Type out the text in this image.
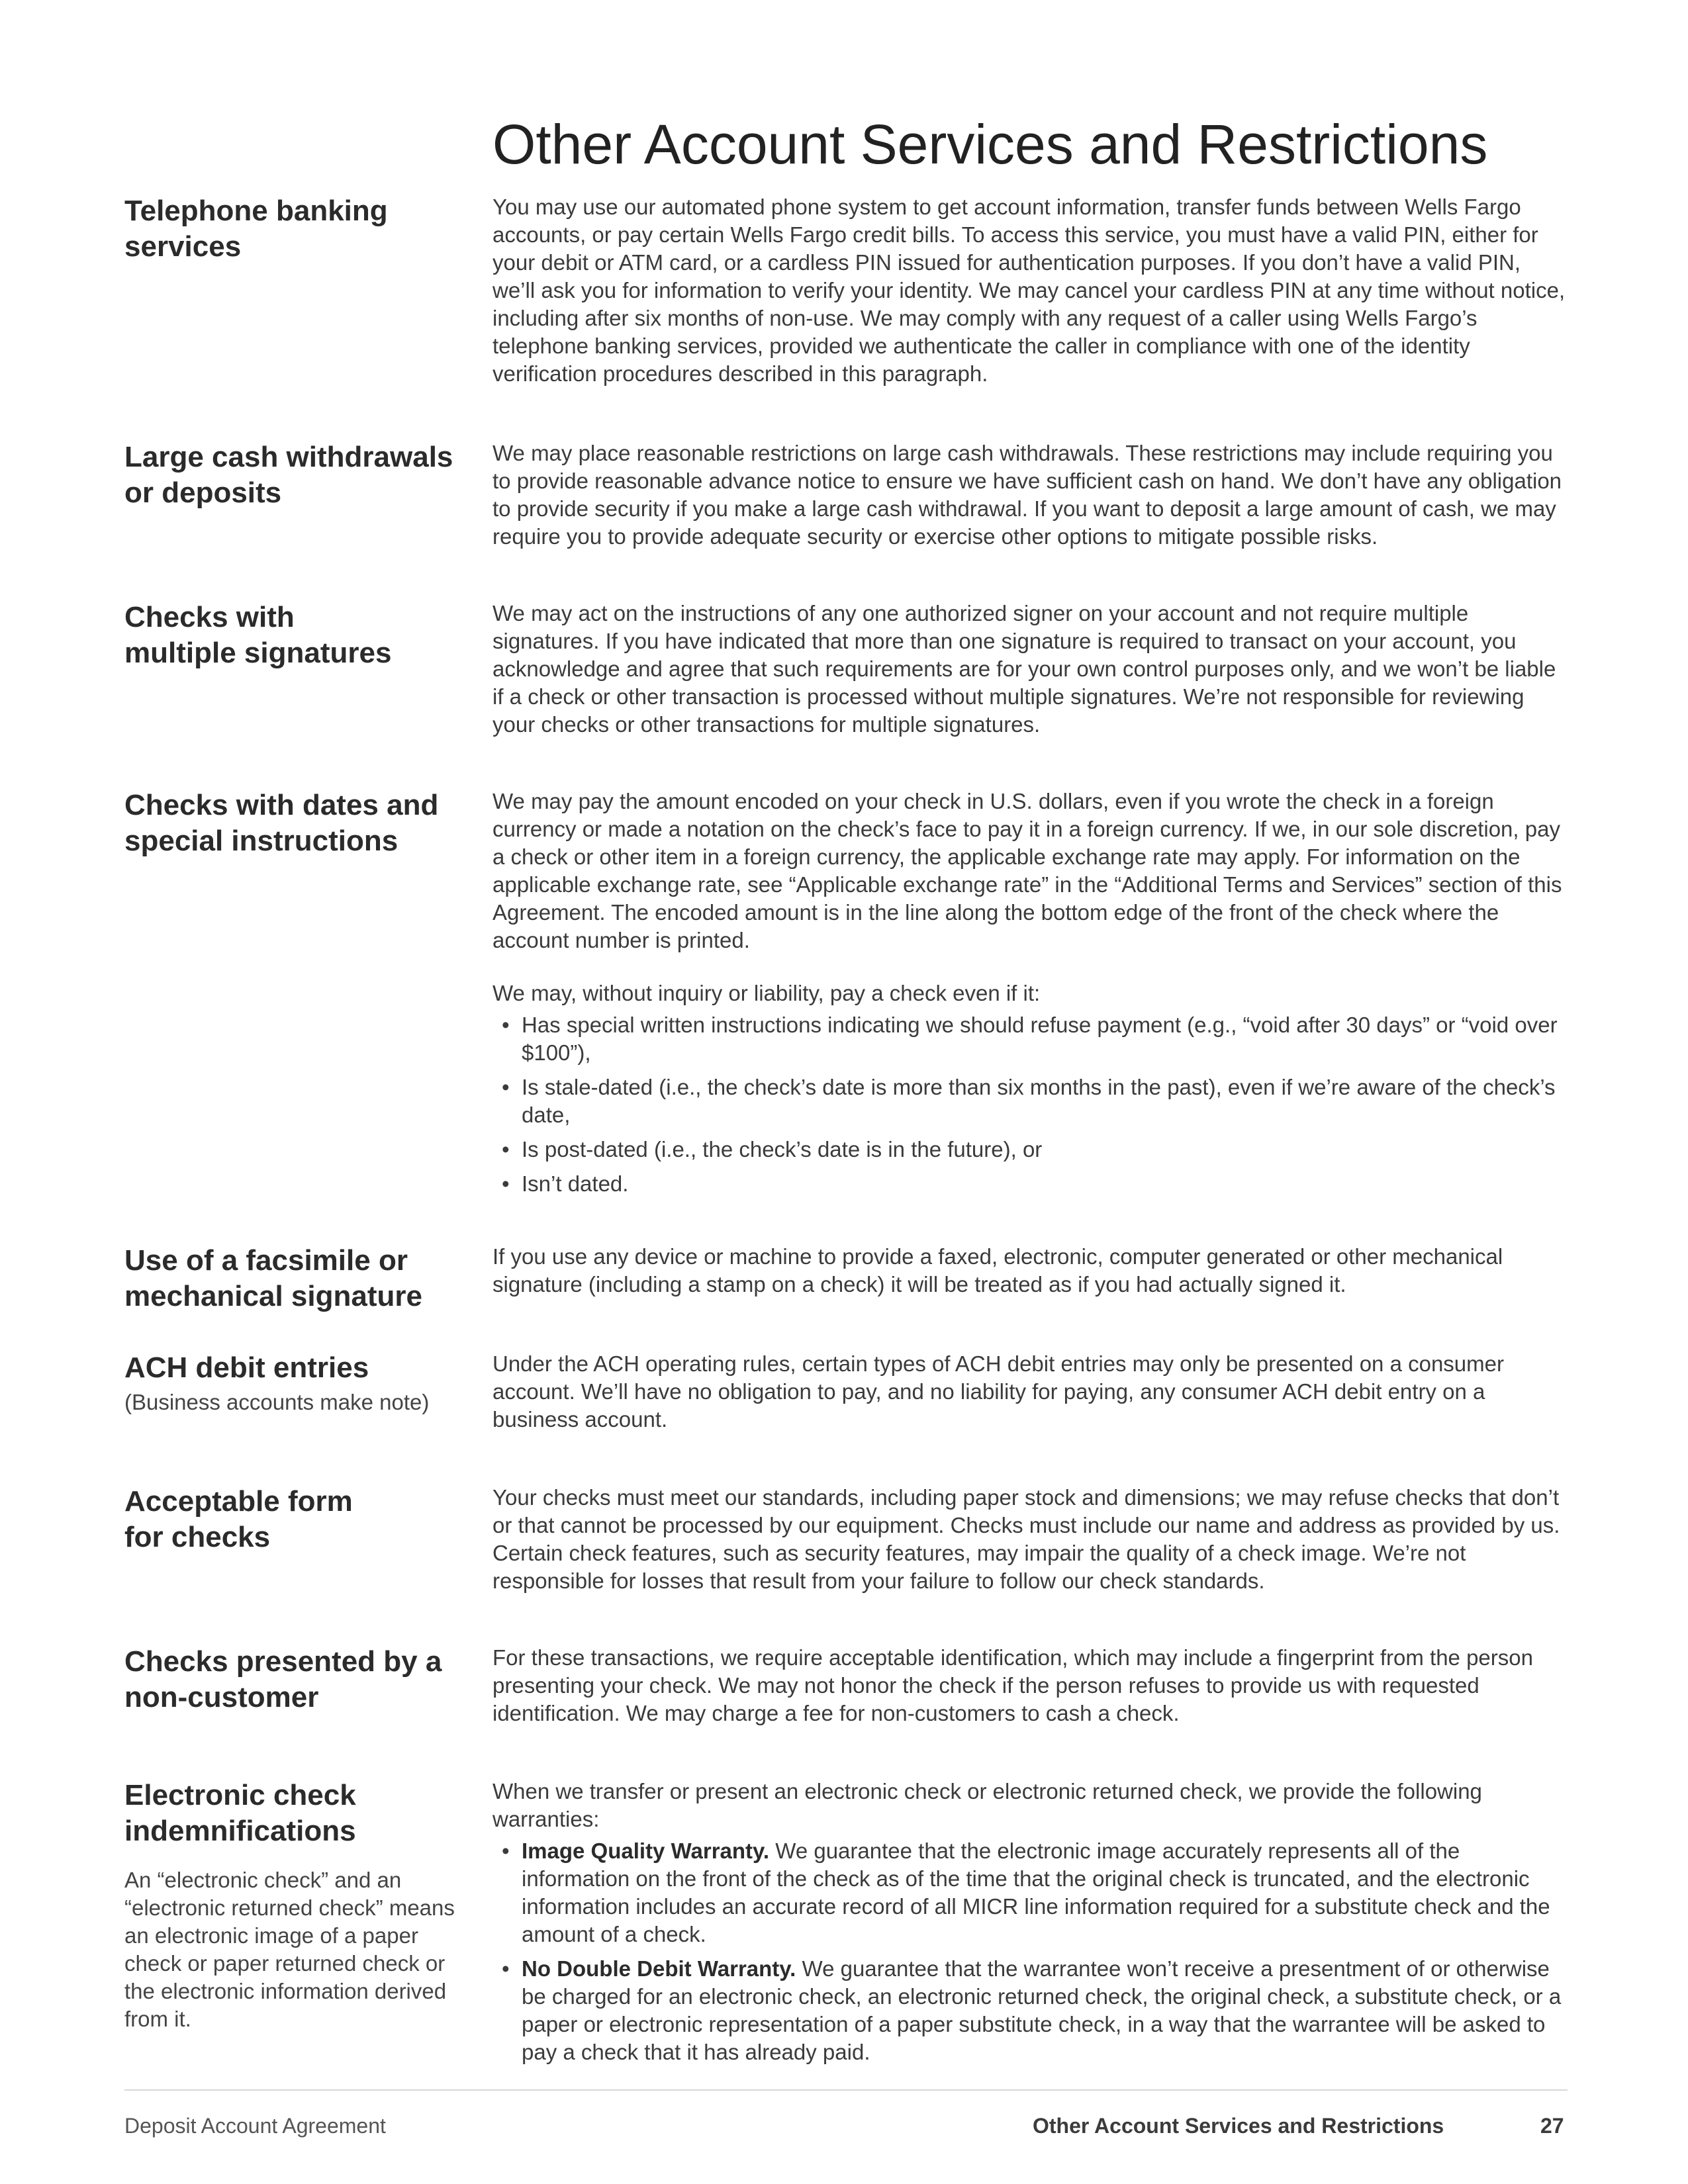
Other Account Services and Restrictions
Telephone banking
services

You may use our automated phone system to get account information, transfer funds between Wells Fargo accounts, or pay certain Wells Fargo credit bills. To access this service, you must have a valid PIN, either for your debit or ATM card, or a cardless PIN issued for authentication purposes. If you don’t have a valid PIN, we’ll ask you for information to verify your identity. We may cancel your cardless PIN at any time without notice, including after six months of non-use. We may comply with any request of a caller using Wells Fargo’s telephone banking services, provided we authenticate the caller in compliance with one of the identity verification procedures described in this paragraph.

Large cash withdrawals
or deposits

We may place reasonable restrictions on large cash withdrawals. These restrictions may include requiring you to provide reasonable advance notice to ensure we have sufficient cash on hand. We don’t have any obligation to provide security if you make a large cash withdrawal. If you want to deposit a large amount of cash, we may require you to provide adequate security or exercise other options to mitigate possible risks.

Checks with
multiple signatures

We may act on the instructions of any one authorized signer on your account and not require multiple signatures. If you have indicated that more than one signature is required to transact on your account, you acknowledge and agree that such requirements are for your own control purposes only, and we won’t be liable if a check or other transaction is processed without multiple signatures. We’re not responsible for reviewing your checks or other transactions for multiple signatures.

Checks with dates and
special instructions

We may pay the amount encoded on your check in U.S. dollars, even if you wrote the check in a foreign currency or made a notation on the check’s face to pay it in a foreign currency. If we, in our sole discretion, pay a check or other item in a foreign currency, the applicable exchange rate may apply. For information on the applicable exchange rate, see “Applicable exchange rate” in the “Additional Terms and Services” section of this Agreement. The encoded amount is in the line along the bottom edge of the front of the check where the account number is printed.

We may, without inquiry or liability, pay a check even if it:

• Has special written instructions indicating we should refuse payment (e.g., “void after 30 days” or “void over $100”),
• Is stale-dated (i.e., the check’s date is more than six months in the past), even if we’re aware of the check’s date,
• Is post-dated (i.e., the check’s date is in the future), or
• Isn’t dated.
Use of a facsimile or
mechanical signature

If you use any device or machine to provide a faxed, electronic, computer generated or other mechanical signature (including a stamp on a check) it will be treated as if you had actually signed it.

ACH debit entries

(Business accounts make note)

Under the ACH operating rules, certain types of ACH debit entries may only be presented on a consumer account. We’ll have no obligation to pay, and no liability for paying, any consumer ACH debit entry on a business account.

Acceptable form
for checks

Your checks must meet our standards, including paper stock and dimensions; we may refuse checks that don’t or that cannot be processed by our equipment. Checks must include our name and address as provided by us. Certain check features, such as security features, may impair the quality of a check image. We’re not responsible for losses that result from your failure to follow our check standards.

Checks presented by a
non-customer

For these transactions, we require acceptable identification, which may include a fingerprint from the person presenting your check. We may not honor the check if the person refuses to provide us with requested identification. We may charge a fee for non-customers to cash a check.

Electronic check
indemnifications

An “electronic check” and an “electronic returned check” means an electronic image of a paper check or paper returned check or the electronic information derived from it.

When we transfer or present an electronic check or electronic returned check, we provide the following warranties:

• Image Quality Warranty. We guarantee that the electronic image accurately represents all of the information on the front of the check as of the time that the original check is truncated, and the electronic information includes an accurate record of all MICR line information required for a substitute check and the amount of a check.
• No Double Debit Warranty. We guarantee that the warrantee won’t receive a presentment of or otherwise be charged for an electronic check, an electronic returned check, the original check, a substitute check, or a paper or electronic representation of a paper substitute check, in a way that the warrantee will be asked to pay a check that it has already paid.
Deposit Account Agreement	Other Account Services and Restrictions	27
